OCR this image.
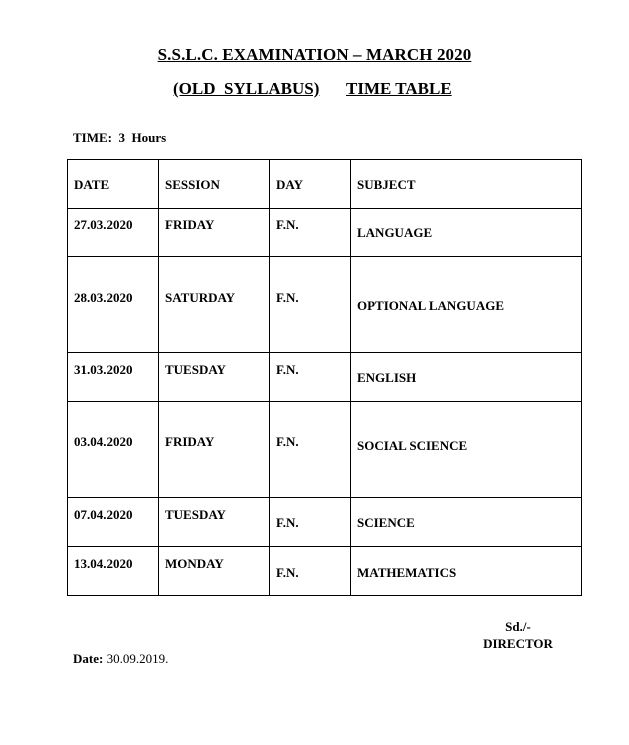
S.S.L.C. EXAMINATION – MARCH 2020
(OLD  SYLLABUS) TIME TABLE
TIME:  3  Hours
DATE	SESSION	DAY	SUBJECT

27.03.2020	FRIDAY	F.N.	LANGUAGE

28.03.2020	SATURDAY	F.N.	OPTIONAL LANGUAGE

31.03.2020	TUESDAY	F.N.	ENGLISH

03.04.2020	FRIDAY	F.N.	SOCIAL SCIENCE

07.04.2020	TUESDAY	F.N.	SCIENCE

13.04.2020	MONDAY	F.N.	MATHEMATICS
Sd./-
DIRECTOR
Date: 30.09.2019.
